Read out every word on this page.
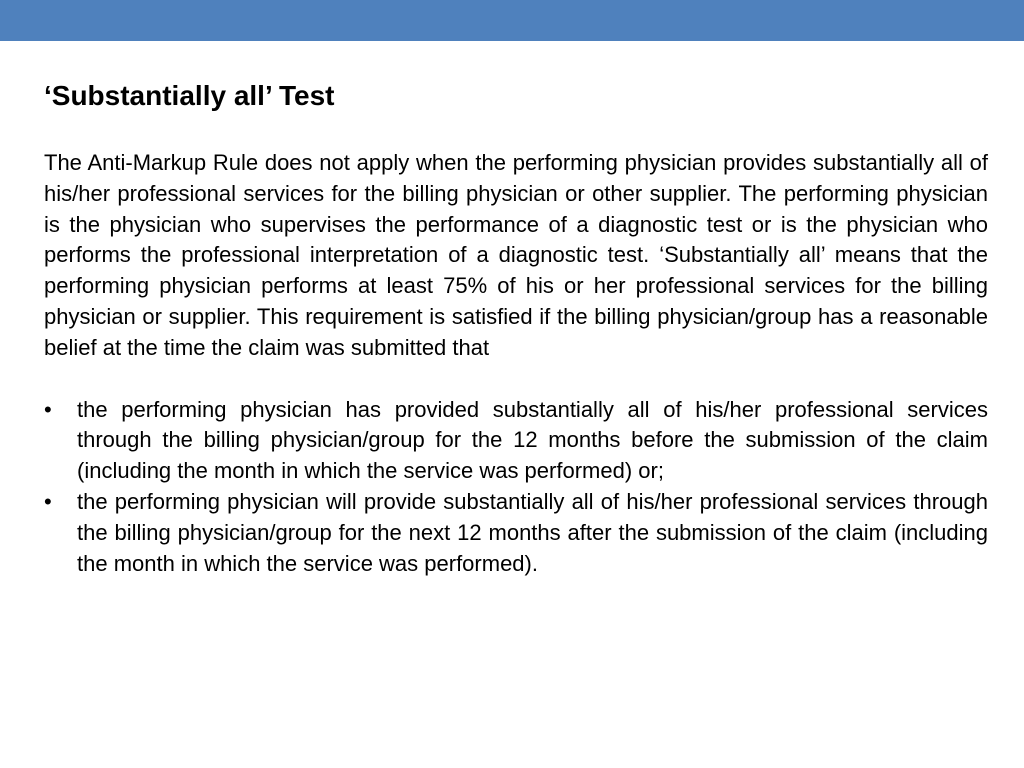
‘Substantially all’ Test

The Anti-Markup Rule does not apply when the performing physician provides substantially all of his/her professional services for the billing physician or other supplier. The performing physician is the physician who supervises the performance of a diagnostic test or is the physician who performs the professional interpretation of a diagnostic test. ‘Substantially all’ means that the performing physician performs at least 75% of his or her professional services for the billing physician or supplier. This requirement is satisfied if the billing physician/group has a reasonable belief at the time the claim was submitted that

• the performing physician has provided substantially all of his/her professional services through the billing physician/group for the 12 months before the submission of the claim (including the month in which the service was performed) or;
• the performing physician will provide substantially all of his/her professional services through the billing physician/group for the next 12 months after the submission of the claim (including the month in which the service was performed).
